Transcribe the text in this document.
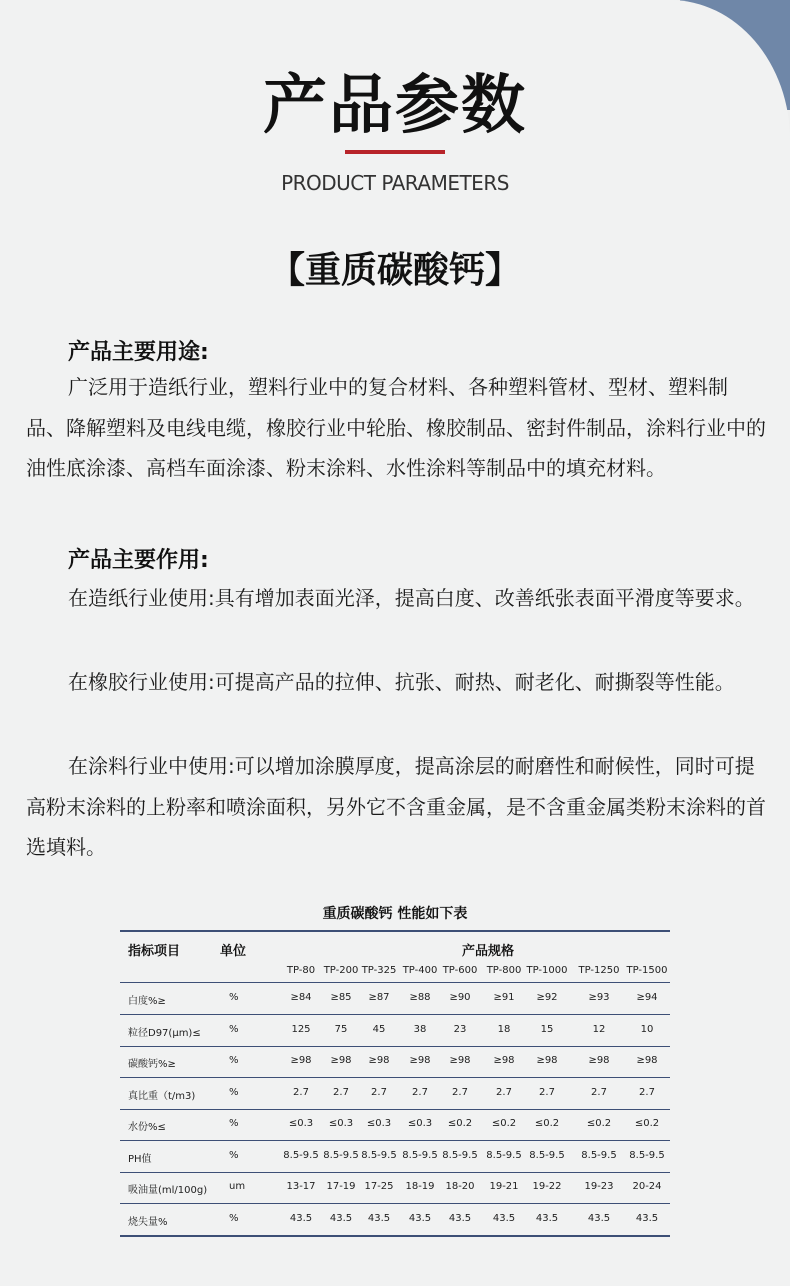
产品参数
PRODUCT PARAMETERS
【重质碳酸钙】
产品主要用途:
广泛用于造纸行业，塑料行业中的复合材料、各种塑料管材、型材、塑料制品、降解塑料及电线电缆，橡胶行业中轮胎、橡胶制品、密封件制品，涂料行业中的油性底涂漆、高档车面涂漆、粉末涂料、水性涂料等制品中的填充材料。
产品主要作用:
在造纸行业使用:具有增加表面光泽，提高白度、改善纸张表面平滑度等要求。
在橡胶行业使用:可提高产品的拉伸、抗张、耐热、耐老化、耐撕裂等性能。
在涂料行业中使用:可以增加涂膜厚度，提高涂层的耐磨性和耐候性，同时可提高粉末涂料的上粉率和喷涂面积，另外它不含重金属，是不含重金属类粉末涂料的首选填料。
重质碳酸钙 性能如下表
指标项目	单位	产品规格
TP-80 TP-200 TP-325 TP-400 TP-600 TP-800 TP-1000 TP-1250 TP-1500
白度%≥	%	≥84	≥85	≥87	≥88	≥90	≥91	≥92	≥93	≥94
粒径D97(μm)≤	%	125	75	45	38	23	18	15	12	10
碳酸钙%≥	%	≥98	≥98	≥98	≥98	≥98	≥98	≥98	≥98	≥98
真比重（t/m3)	%	2.7	2.7	2.7	2.7	2.7	2.7	2.7	2.7	2.7
水份%≤	%	≤0.3	≤0.3	≤0.3	≤0.3	≤0.2	≤0.2	≤0.2	≤0.2	≤0.2
PH值	%	8.5-9.5 8.5-9.5 8.5-9.5 8.5-9.5 8.5-9.5 8.5-9.5 8.5-9.5	8.5-9.5	8.5-9.5
吸油量(ml/100g) um	13-17	17-19 17-25	18-19	18-20	19-21	19-22	19-23	20-24
烧失量%	%	43.5	43.5	43.5	43.5	43.5	43.5	43.5	43.5	43.5
